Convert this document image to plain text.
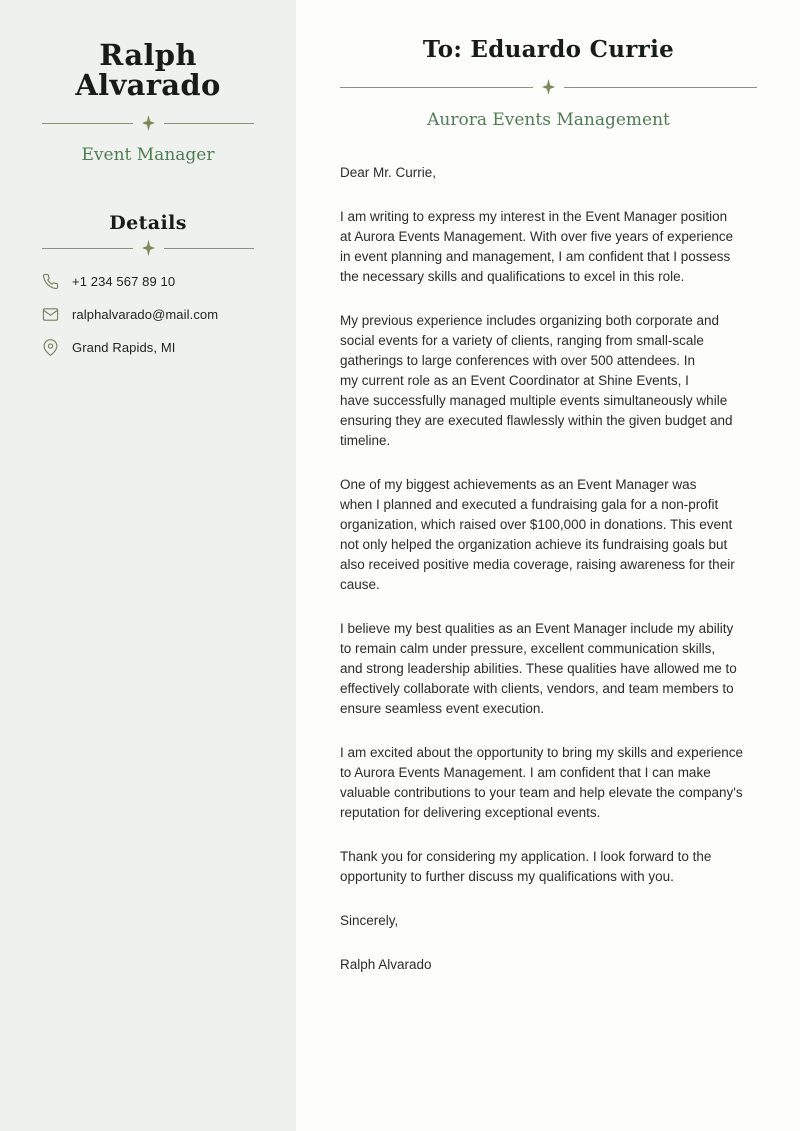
Ralph
Alvarado
Event Manager
Details
+1 234 567 89 10
ralphalvarado@mail.com
Grand Rapids, MI
To: Eduardo Currie
Aurora Events Management

Dear Mr. Currie,

I am writing to express my interest in the Event Manager position
at Aurora Events Management. With over five years of experience
in event planning and management, I am confident that I possess
the necessary skills and qualifications to excel in this role.

My previous experience includes organizing both corporate and
social events for a variety of clients, ranging from small-scale
gatherings to large conferences with over 500 attendees. In
my current role as an Event Coordinator at Shine Events, I
have successfully managed multiple events simultaneously while
ensuring they are executed flawlessly within the given budget and
timeline.

One of my biggest achievements as an Event Manager was
when I planned and executed a fundraising gala for a non-profit
organization, which raised over $100,000 in donations. This event
not only helped the organization achieve its fundraising goals but
also received positive media coverage, raising awareness for their
cause.

I believe my best qualities as an Event Manager include my ability
to remain calm under pressure, excellent communication skills,
and strong leadership abilities. These qualities have allowed me to
effectively collaborate with clients, vendors, and team members to
ensure seamless event execution.

I am excited about the opportunity to bring my skills and experience
to Aurora Events Management. I am confident that I can make
valuable contributions to your team and help elevate the company's
reputation for delivering exceptional events.

Thank you for considering my application. I look forward to the
opportunity to further discuss my qualifications with you.

Sincerely,

Ralph Alvarado
